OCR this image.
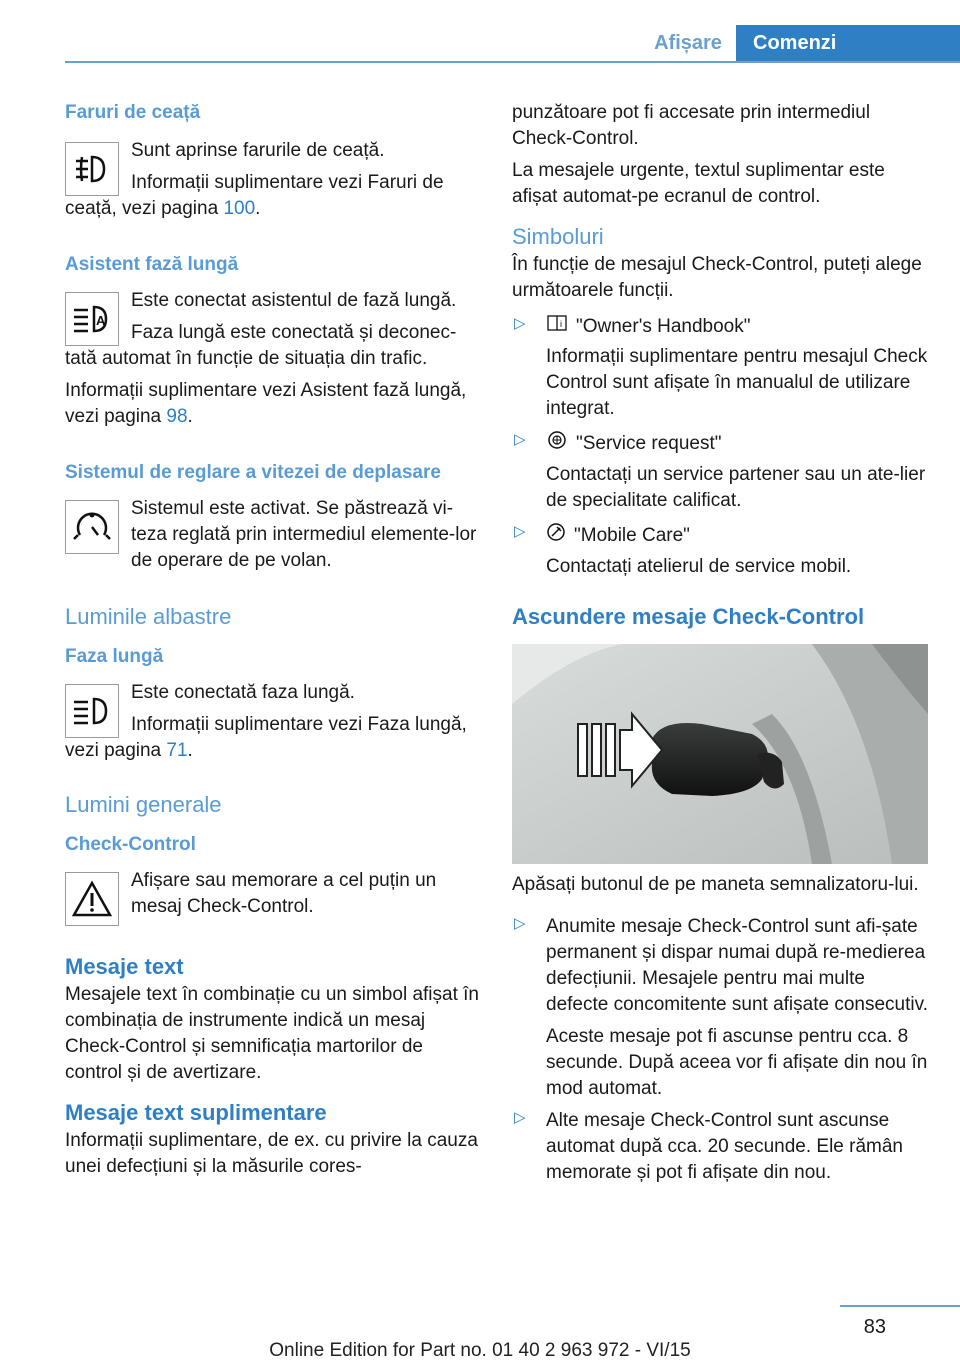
Afișare	Comenzi
Faruri de ceață

Sunt aprinse farurile de ceață.

Informații suplimentare vezi Faruri de ceață, vezi pagina 100.

Asistent fază lungă
A

Este conectat asistentul de fază lungă.

Faza lungă este conectată și deconec-tată automat în funcție de situația din trafic.

Informații suplimentare vezi Asistent fază lungă, vezi pagina 98.

Sistemul de reglare a vitezei de deplasare

Sistemul este activat. Se păstrează vi-teza reglată prin intermediul elemente-lor de operare de pe volan.

Luminile albastre
Faza lungă

Este conectată faza lungă.

Informații suplimentare vezi Faza lungă, vezi pagina 71.

Lumini generale
Check-Control

Afișare sau memorare a cel puțin un mesaj Check-Control.

Mesaje text

Mesajele text în combinație cu un simbol afișat în combinația de instrumente indică un mesaj Check-Control și semnificația martorilor de control și de avertizare.

Mesaje text suplimentare

Informații suplimentare, de ex. cu privire la cauza unei defecțiuni și la măsurile cores-

punzătoare pot fi accesate prin intermediul Check-Control.

La mesajele urgente, textul suplimentar este afișat automat-pe ecranul de control.

Simboluri

În funcție de mesajul Check-Control, puteți alege următoarele funcții.

▷	i "Owner's Handbook"

Informații suplimentare pentru mesajul Check Control sunt afișate în manualul de utilizare integrat.

▷	"Service request"

Contactați un service partener sau un ate-lier de specialitate calificat.

▷	"Mobile Care"

Contactați atelierul de service mobil.

Ascundere mesaje Check-Control

Apăsați butonul de pe maneta semnalizatoru-lui.

▷ Anumite mesaje Check-Control sunt afi-șate permanent și dispar numai după re-medierea defecțiunii. Mesajele pentru mai multe defecte concomitente sunt afișate consecutiv.

Aceste mesaje pot fi ascunse pentru cca. 8 secunde. După aceea vor fi afișate din nou în mod automat.

▷ Alte mesaje Check-Control sunt ascunse automat după cca. 20 secunde. Ele rămân memorate și pot fi afișate din nou.

83
Online Edition for Part no. 01 40 2 963 972 - VI/15
